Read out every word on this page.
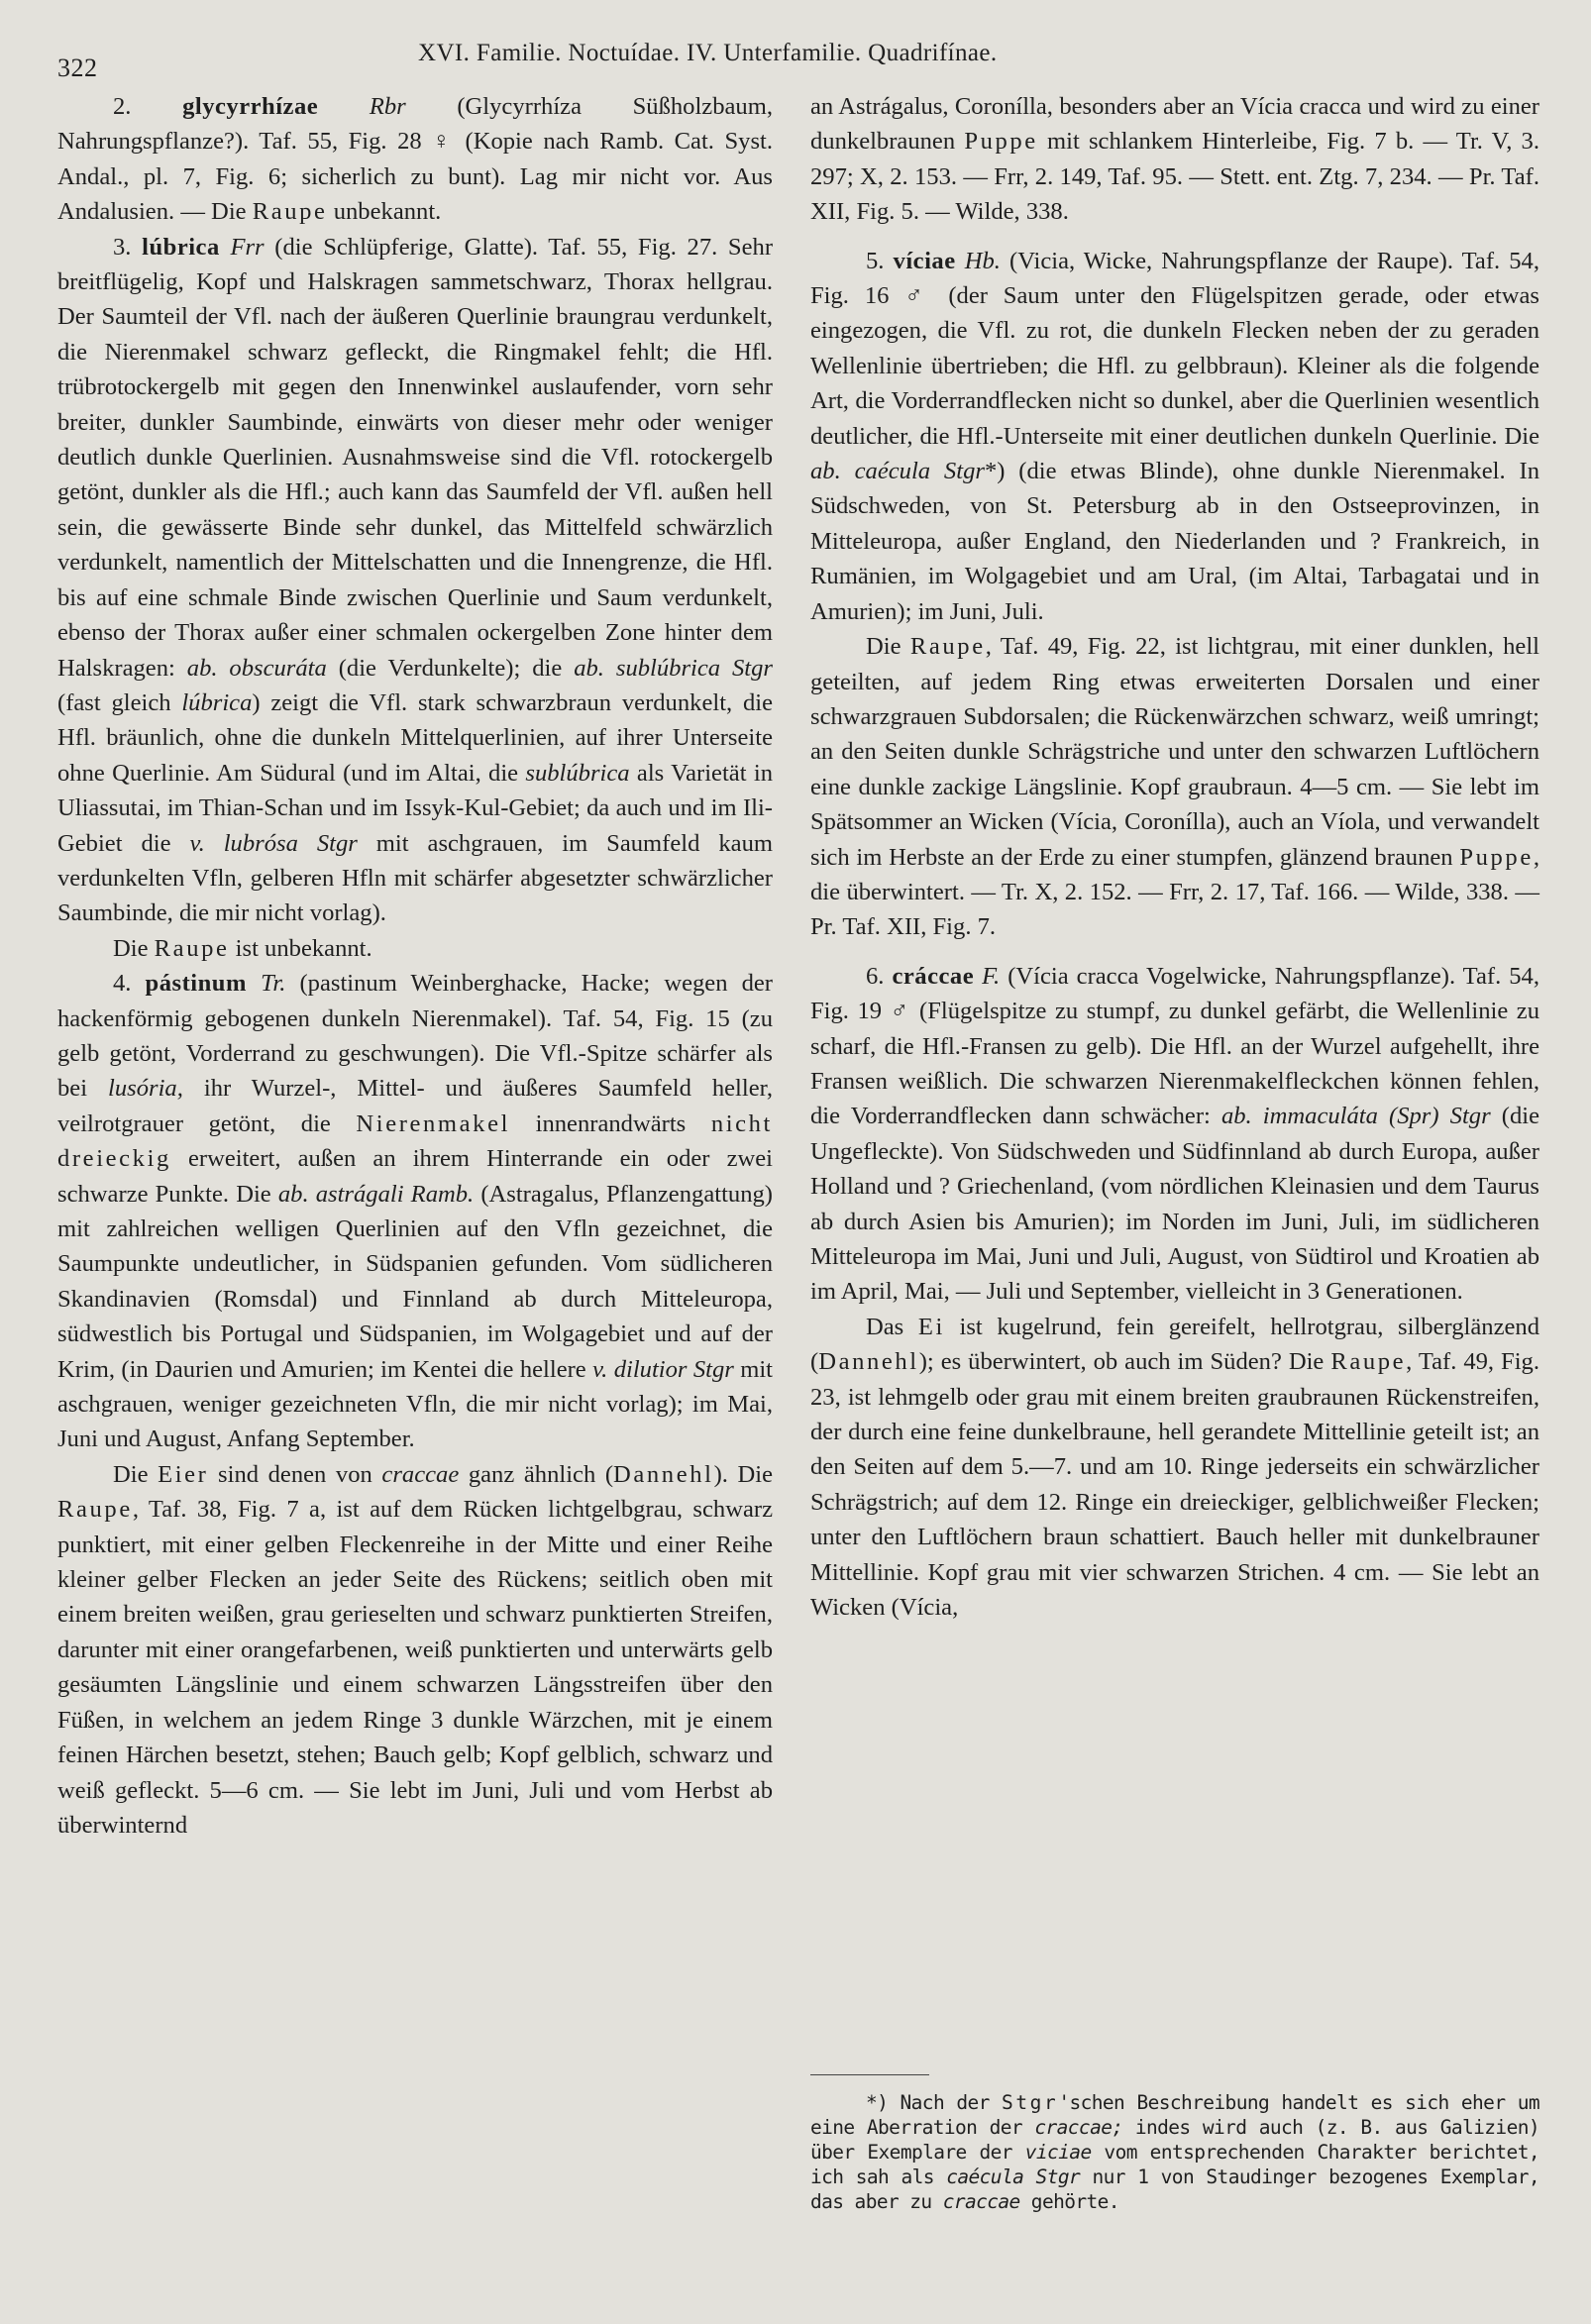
322
XVI. Familie. Noctuídae. IV. Unterfamilie. Quadrifínae.

2. glycyrrhízae Rbr (Glycyrrhíza Süßholzbaum, Nahrungspflanze?). Taf. 55, Fig. 28 ♀ (Kopie nach Ramb. Cat. Syst. Andal., pl. 7, Fig. 6; sicherlich zu bunt). Lag mir nicht vor. Aus Andalusien. — Die Raupe unbekannt.

3. lúbrica Frr (die Schlüpferige, Glatte). Taf. 55, Fig. 27. Sehr breitflügelig, Kopf und Halskragen sammetschwarz, Thorax hellgrau. Der Saumteil der Vfl. nach der äußeren Querlinie braungrau verdunkelt, die Nierenmakel schwarz gefleckt, die Ringmakel fehlt; die Hfl. trübrotockergelb mit gegen den Innenwinkel auslaufender, vorn sehr breiter, dunkler Saumbinde, einwärts von dieser mehr oder weniger deutlich dunkle Querlinien. Ausnahmsweise sind die Vfl. rotockergelb getönt, dunkler als die Hfl.; auch kann das Saumfeld der Vfl. außen hell sein, die gewässerte Binde sehr dunkel, das Mittelfeld schwärzlich verdunkelt, namentlich der Mittelschatten und die Innengrenze, die Hfl. bis auf eine schmale Binde zwischen Querlinie und Saum verdunkelt, ebenso der Thorax außer einer schmalen ockergelben Zone hinter dem Halskragen: ab. obscuráta (die Verdunkelte); die ab. sublúbrica Stgr (fast gleich lúbrica) zeigt die Vfl. stark schwarzbraun verdunkelt, die Hfl. bräunlich, ohne die dunkeln Mittelquerlinien, auf ihrer Unterseite ohne Querlinie. Am Südural (und im Altai, die sublúbrica als Varietät in Uliassutai, im Thian-Schan und im Issyk-Kul-Gebiet; da auch und im Ili-Gebiet die v. lubrósa Stgr mit aschgrauen, im Saumfeld kaum verdunkelten Vfln, gelberen Hfln mit schärfer abgesetzter schwärzlicher Saumbinde, die mir nicht vorlag).

Die Raupe ist unbekannt.

4. pástinum Tr. (pastinum Weinberghacke, Hacke; wegen der hackenförmig gebogenen dunkeln Nierenmakel). Taf. 54, Fig. 15 (zu gelb getönt, Vorderrand zu geschwungen). Die Vfl.-Spitze schärfer als bei lusória, ihr Wurzel-, Mittel- und äußeres Saumfeld heller, veilrotgrauer getönt, die Nierenmakel innenrandwärts nicht dreieckig erweitert, außen an ihrem Hinterrande ein oder zwei schwarze Punkte. Die ab. astrágali Ramb. (Astragalus, Pflanzengattung) mit zahlreichen welligen Querlinien auf den Vfln gezeichnet, die Saumpunkte undeutlicher, in Südspanien gefunden. Vom südlicheren Skandinavien (Romsdal) und Finnland ab durch Mitteleuropa, südwestlich bis Portugal und Südspanien, im Wolgagebiet und auf der Krim, (in Daurien und Amurien; im Kentei die hellere v. dilutior Stgr mit aschgrauen, weniger gezeichneten Vfln, die mir nicht vorlag); im Mai, Juni und August, Anfang September.

Die Eier sind denen von craccae ganz ähnlich (Dannehl). Die Raupe, Taf. 38, Fig. 7 a, ist auf dem Rücken lichtgelbgrau, schwarz punktiert, mit einer gelben Fleckenreihe in der Mitte und einer Reihe kleiner gelber Flecken an jeder Seite des Rückens; seitlich oben mit einem breiten weißen, grau gerieselten und schwarz punktierten Streifen, darunter mit einer orangefarbenen, weiß punktierten und unterwärts gelb gesäumten Längslinie und einem schwarzen Längsstreifen über den Füßen, in welchem an jedem Ringe 3 dunkle Wärzchen, mit je einem feinen Härchen besetzt, stehen; Bauch gelb; Kopf gelblich, schwarz und weiß gefleckt. 5—6 cm. — Sie lebt im Juni, Juli und vom Herbst ab überwinternd

an Astrágalus, Coronílla, besonders aber an Vícia cracca und wird zu einer dunkelbraunen Puppe mit schlankem Hinterleibe, Fig. 7 b. — Tr. V, 3. 297; X, 2. 153. — Frr, 2. 149, Taf. 95. — Stett. ent. Ztg. 7, 234. — Pr. Taf. XII, Fig. 5. — Wilde, 338.

5. víciae Hb. (Vicia, Wicke, Nahrungspflanze der Raupe). Taf. 54, Fig. 16 ♂ (der Saum unter den Flügelspitzen gerade, oder etwas eingezogen, die Vfl. zu rot, die dunkeln Flecken neben der zu geraden Wellenlinie übertrieben; die Hfl. zu gelbbraun). Kleiner als die folgende Art, die Vorderrandflecken nicht so dunkel, aber die Querlinien wesentlich deutlicher, die Hfl.-Unterseite mit einer deutlichen dunkeln Querlinie. Die ab. caécula Stgr*) (die etwas Blinde), ohne dunkle Nierenmakel. In Südschweden, von St. Petersburg ab in den Ostseeprovinzen, in Mitteleuropa, außer England, den Niederlanden und ? Frankreich, in Rumänien, im Wolgagebiet und am Ural, (im Altai, Tarbagatai und in Amurien); im Juni, Juli.

Die Raupe, Taf. 49, Fig. 22, ist lichtgrau, mit einer dunklen, hell geteilten, auf jedem Ring etwas erweiterten Dorsalen und einer schwarzgrauen Subdorsalen; die Rückenwärzchen schwarz, weiß umringt; an den Seiten dunkle Schrägstriche und unter den schwarzen Luftlöchern eine dunkle zackige Längslinie. Kopf graubraun. 4—5 cm. — Sie lebt im Spätsommer an Wicken (Vícia, Coronílla), auch an Víola, und verwandelt sich im Herbste an der Erde zu einer stumpfen, glänzend braunen Puppe, die überwintert. — Tr. X, 2. 152. — Frr, 2. 17, Taf. 166. — Wilde, 338. — Pr. Taf. XII, Fig. 7.

6. cráccae F. (Vícia cracca Vogelwicke, Nahrungspflanze). Taf. 54, Fig. 19 ♂ (Flügelspitze zu stumpf, zu dunkel gefärbt, die Wellenlinie zu scharf, die Hfl.-Fransen zu gelb). Die Hfl. an der Wurzel aufgehellt, ihre Fransen weißlich. Die schwarzen Nierenmakelfleckchen können fehlen, die Vorderrandflecken dann schwächer: ab. immaculáta (Spr) Stgr (die Ungefleckte). Von Südschweden und Südfinnland ab durch Europa, außer Holland und ? Griechenland, (vom nördlichen Kleinasien und dem Taurus ab durch Asien bis Amurien); im Norden im Juni, Juli, im südlicheren Mitteleuropa im Mai, Juni und Juli, August, von Südtirol und Kroatien ab im April, Mai, — Juli und September, vielleicht in 3 Generationen.

Das Ei ist kugelrund, fein gereifelt, hellrotgrau, silberglänzend (Dannehl); es überwintert, ob auch im Süden? Die Raupe, Taf. 49, Fig. 23, ist lehmgelb oder grau mit einem breiten graubraunen Rückenstreifen, der durch eine feine dunkelbraune, hell gerandete Mittellinie geteilt ist; an den Seiten auf dem 5.—7. und am 10. Ringe jederseits ein schwärzlicher Schrägstrich; auf dem 12. Ringe ein dreieckiger, gelblichweißer Flecken; unter den Luftlöchern braun schattiert. Bauch heller mit dunkelbrauner Mittellinie. Kopf grau mit vier schwarzen Strichen. 4 cm. — Sie lebt an Wicken (Vícia,

*) Nach der Stgr'schen Beschreibung handelt es sich eher um eine Aberration der craccae; indes wird auch (z. B. aus Galizien) über Exemplare der viciae vom entsprechenden Charakter berichtet, ich sah als caécula Stgr nur 1 von Staudinger bezogenes Exemplar, das aber zu craccae gehörte.
